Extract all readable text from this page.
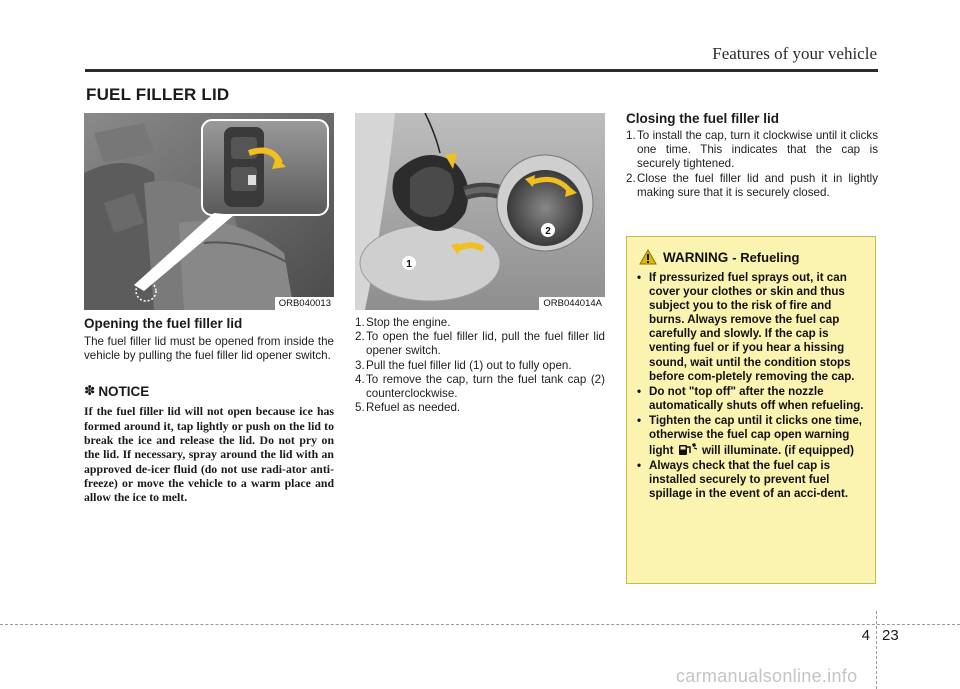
Features of your vehicle
FUEL FILLER LID
ORB040013
1
2
ORB044014A
Opening the fuel filler lid
The fuel filler lid must be opened from inside the vehicle by pulling the fuel filler lid opener switch.
✽ NOTICE
If the fuel filler lid will not open because ice has formed around it, tap lightly or push on the lid to break the ice and release the lid. Do not pry on the lid. If necessary, spray around the lid with an approved de-icer fluid (do not use radi-ator anti-freeze) or move the vehicle to a warm place and allow the ice to melt.
1. Stop the engine.
2. To open the fuel filler lid, pull the fuel filler lid opener switch.
3. Pull the fuel filler lid (1) out to fully open.
4. To remove the cap, turn the fuel tank cap (2) counterclockwise.
5. Refuel as needed.
Closing the fuel filler lid
1. To install the cap, turn it clockwise until it clicks one time. This indicates that the cap is securely tightened.
2. Close the fuel filler lid and push it in lightly making sure that it is securely closed.
WARNING - Refueling
• If pressurized fuel sprays out, it can cover your clothes or skin and thus subject you to the risk of fire and burns. Always remove the fuel cap carefully and slowly. If the cap is venting fuel or if you hear a hissing sound, wait until the condition stops before com-pletely removing the cap.
• Do not "top off" after the nozzle automatically shuts off when refueling.
• Tighten the cap until it clicks one time, otherwise the fuel cap open warning light will illuminate. (if equipped)
• Always check that the fuel cap is installed securely to prevent fuel spillage in the event of an acci-dent.
4 23
carmanualsonline.info
